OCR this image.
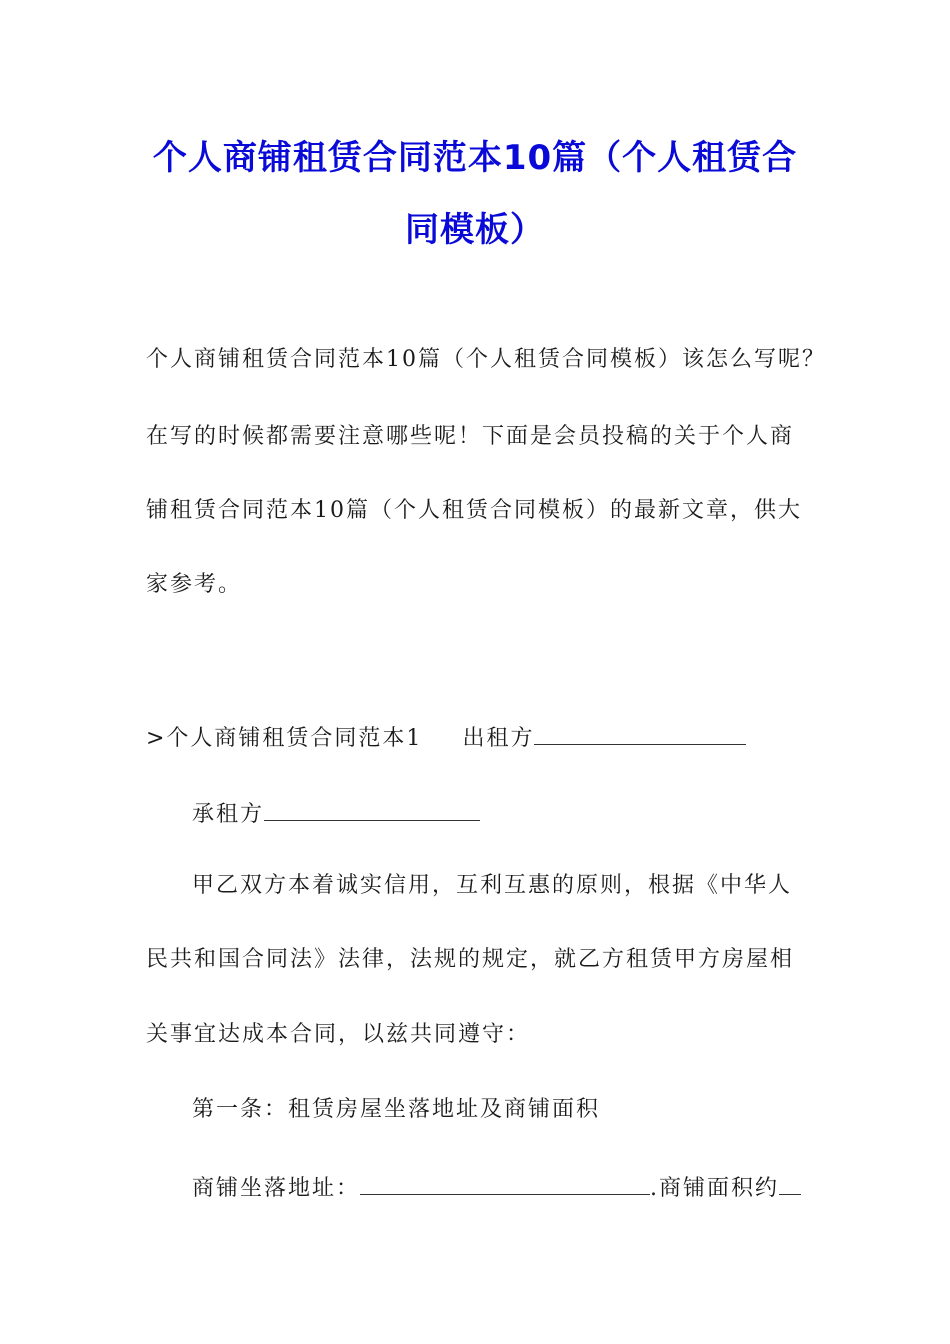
个人商铺租赁合同范本10篇（个人租赁合
同模板）

个人商铺租赁合同范本10篇（个人租赁合同模板）该怎么写呢？

在写的时候都需要注意哪些呢！下面是会员投稿的关于个人商

铺租赁合同范本10篇（个人租赁合同模板）的最新文章，供大

家参考。

>个人商铺租赁合同范本1 出租方

承租方

甲乙双方本着诚实信用，互利互惠的原则，根据《中华人

民共和国合同法》法律，法规的规定，就乙方租赁甲方房屋相

关事宜达成本合同，以兹共同遵守：

第一条：租赁房屋坐落地址及商铺面积

商铺坐落地址：	.商铺面积约
